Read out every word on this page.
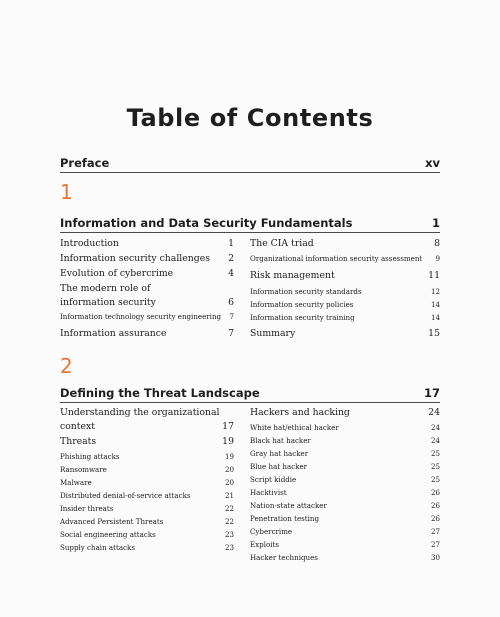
Table of Contents
Preface	xv
1
Information and Data Security Fundamentals	1
Introduction	1
Information security challenges 2
Evolution of cybercrime	4
The modern role of
information security	6
Information technology security engineering 7
Information assurance	7
The CIA triad	8
Organizational information security assessment 9
Risk management	11
Information security standards	12
Information security policies	14
Information security training	14
Summary	15
2
Defining the Threat Landscape	17
Understanding the organizational
context	17
Threats	19
Phishing attacks	19
Ransomware	20
Malware	20
Distributed denial-of-service attacks	21
Insider threats	22
Advanced Persistent Threats	22
Social engineering attacks	23
Supply chain attacks	23
Hackers and hacking	24
White hat/ethical hacker	24
Black hat hacker	24
Gray hat hacker	25
Blue hat hacker	25
Script kiddie	25
Hacktivist	26
Nation-state attacker	26
Penetration testing	26
Cybercrime	27
Exploits	27
Hacker techniques	30
